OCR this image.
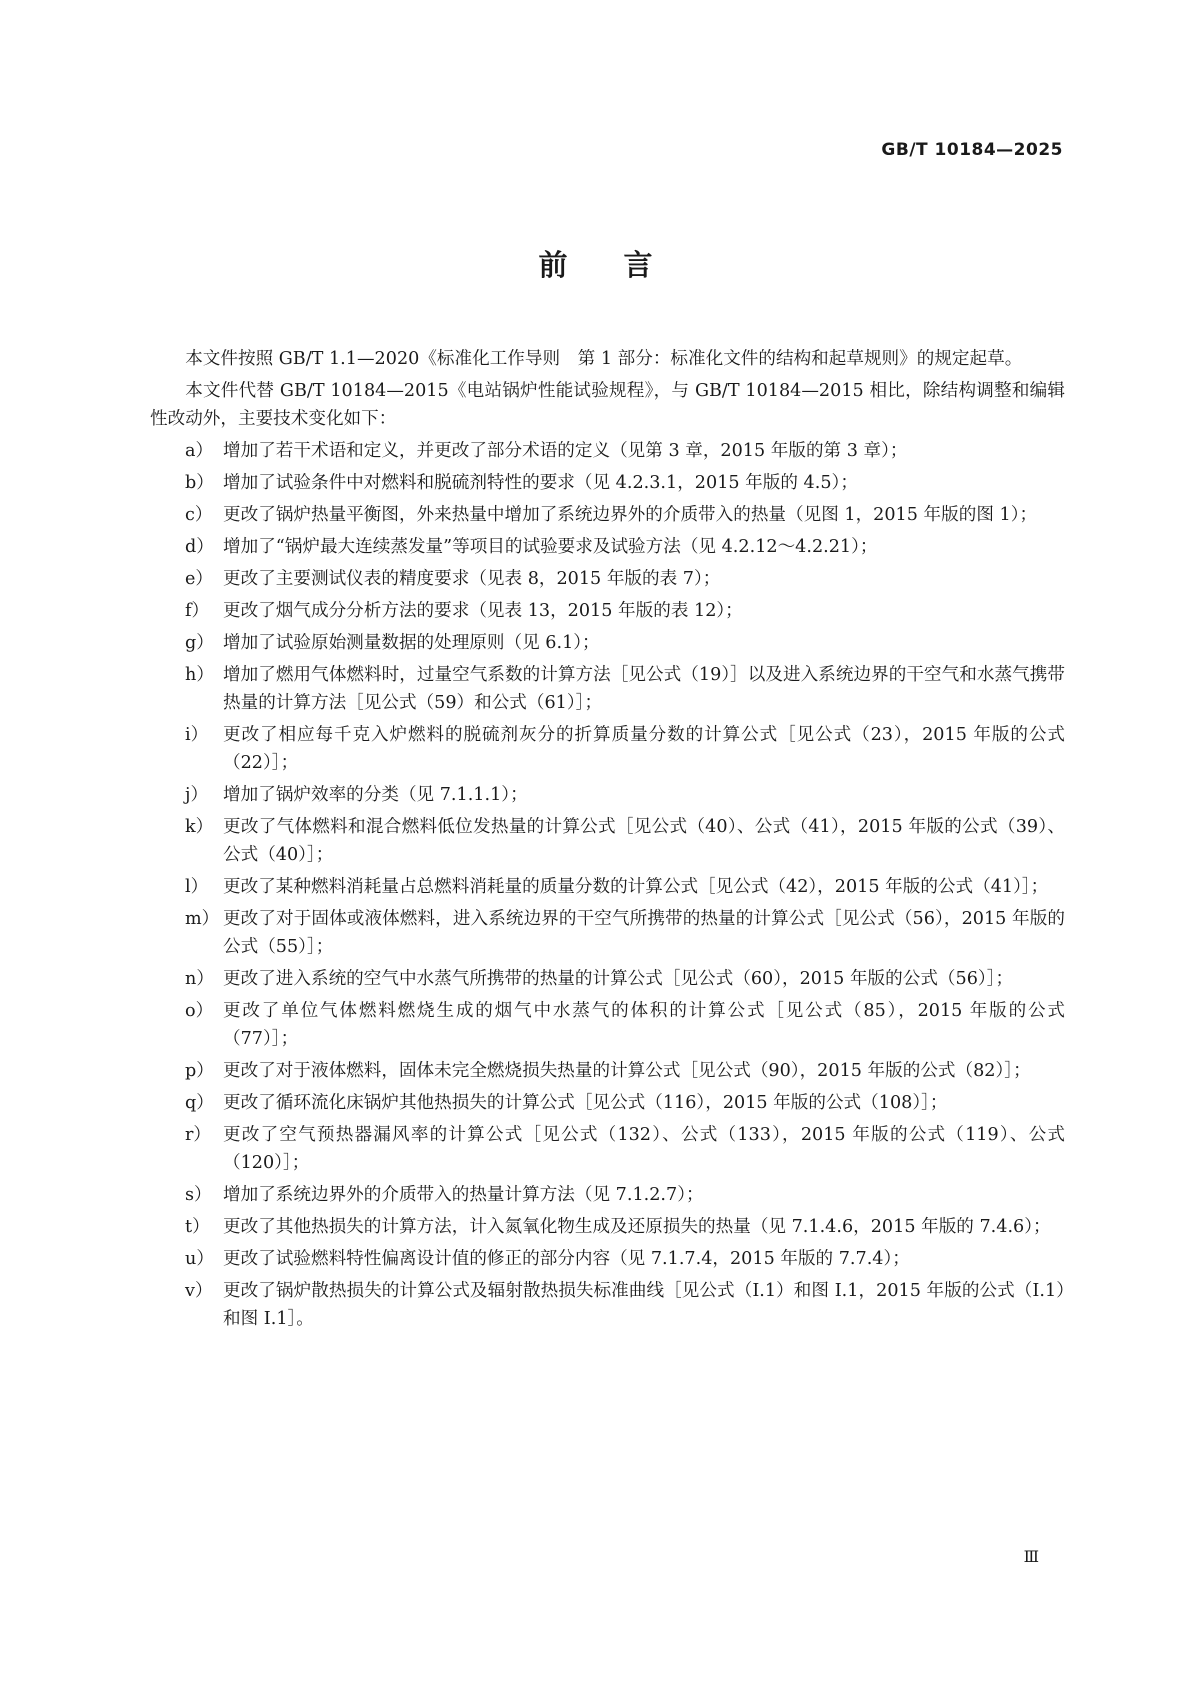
GB/T 10184—2025
前言

本文件按照 GB/T 1.1—2020《标准化工作导则　第 1 部分：标准化文件的结构和起草规则》的规定起草。

本文件代替 GB/T 10184—2015《电站锅炉性能试验规程》，与 GB/T 10184—2015 相比，除结构调整和编辑性改动外，主要技术变化如下：

a） 增加了若干术语和定义，并更改了部分术语的定义（见第 3 章，2015 年版的第 3 章）；
b） 增加了试验条件中对燃料和脱硫剂特性的要求（见 4.2.3.1，2015 年版的 4.5）；
c） 更改了锅炉热量平衡图，外来热量中增加了系统边界外的介质带入的热量（见图 1，2015 年版的图 1）；
d） 增加了“锅炉最大连续蒸发量”等项目的试验要求及试验方法（见 4.2.12～4.2.21）；
e） 更改了主要测试仪表的精度要求（见表 8，2015 年版的表 7）；
f） 更改了烟气成分分析方法的要求（见表 13，2015 年版的表 12）；
g） 增加了试验原始测量数据的处理原则（见 6.1）；
h） 增加了燃用气体燃料时，过量空气系数的计算方法［见公式（19）］以及进入系统边界的干空气和水蒸气携带热量的计算方法［见公式（59）和公式（61）］；
i） 更改了相应每千克入炉燃料的脱硫剂灰分的折算质量分数的计算公式［见公式（23），2015 年版的公式（22）］；
j） 增加了锅炉效率的分类（见 7.1.1.1）；
k） 更改了气体燃料和混合燃料低位发热量的计算公式［见公式（40）、公式（41），2015 年版的公式（39）、公式（40）］；
l） 更改了某种燃料消耗量占总燃料消耗量的质量分数的计算公式［见公式（42），2015 年版的公式（41）］；
m） 更改了对于固体或液体燃料，进入系统边界的干空气所携带的热量的计算公式［见公式（56），2015 年版的公式（55）］；
n） 更改了进入系统的空气中水蒸气所携带的热量的计算公式［见公式（60），2015 年版的公式（56）］；
o） 更改了单位气体燃料燃烧生成的烟气中水蒸气的体积的计算公式［见公式（85），2015 年版的公式（77）］；
p） 更改了对于液体燃料，固体未完全燃烧损失热量的计算公式［见公式（90），2015 年版的公式（82）］；
q） 更改了循环流化床锅炉其他热损失的计算公式［见公式（116），2015 年版的公式（108）］；
r） 更改了空气预热器漏风率的计算公式［见公式（132）、公式（133），2015 年版的公式（119）、公式（120）］；
s） 增加了系统边界外的介质带入的热量计算方法（见 7.1.2.7）；
t） 更改了其他热损失的计算方法，计入氮氧化物生成及还原损失的热量（见 7.1.4.6，2015 年版的 7.4.6）；
u） 更改了试验燃料特性偏离设计值的修正的部分内容（见 7.1.7.4，2015 年版的 7.7.4）；
v） 更改了锅炉散热损失的计算公式及辐射散热损失标准曲线［见公式（I.1）和图 I.1，2015 年版的公式（I.1）和图 I.1］。
Ⅲ
